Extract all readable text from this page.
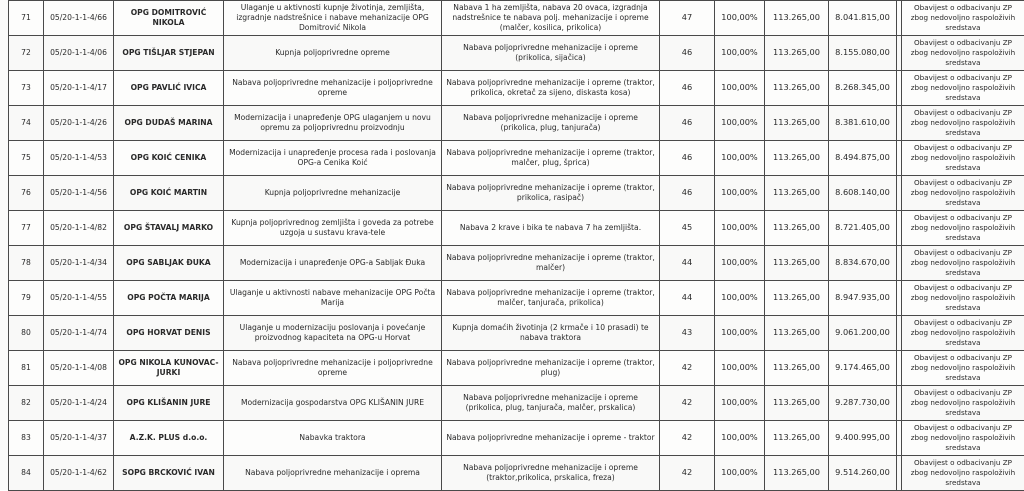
71	05/20-1-1-4/66	OPG DOMITROVIĆ NIKOLA	Ulaganje u aktivnosti kupnje životinja, zemljišta, izgradnje nadstrešnice i nabave mehanizacije OPG Domitrović Nikola	Nabava 1 ha zemljišta, nabava 20 ovaca, izgradnja nadstrešnice te nabava polj. mehanizacije i opreme (malčer, kosilica, prikolica)	47	100,00%	113.265,00	8.041.815,00		Obavijest o odbacivanju ZP zbog nedovoljno raspoloživih sredstava
72	05/20-1-1-4/06	OPG TIŠLJAR STJEPAN	Kupnja poljoprivredne opreme	Nabava poljoprivredne mehanizacije i opreme (prikolica, sijačica)	46	100,00%	113.265,00	8.155.080,00		Obavijest o odbacivanju ZP zbog nedovoljno raspoloživih sredstava
73	05/20-1-1-4/17	OPG PAVLIĆ IVICA	Nabava poljoprivredne mehanizacije i poljoprivredne opreme	Nabava poljoprivredne mehanizacije i opreme (traktor, prikolica, okretač za sijeno, diskasta kosa)	46	100,00%	113.265,00	8.268.345,00		Obavijest o odbacivanju ZP zbog nedovoljno raspoloživih sredstava
74	05/20-1-1-4/26	OPG DUDAŠ MARINA	Modernizacija i unapređenje OPG ulaganjem u novu opremu za poljoprivrednu proizvodnju	Nabava poljoprivredne mehanizacije i opreme (prikolica, plug, tanjurača)	46	100,00%	113.265,00	8.381.610,00		Obavijest o odbacivanju ZP zbog nedovoljno raspoloživih sredstava
75	05/20-1-1-4/53	OPG KOIĆ CENIKA	Modernizacija i unapređenje procesa rada i poslovanja OPG-a Cenika Koić	Nabava poljoprivredne mehanizacije i opreme (traktor, malčer, plug, šprica)	46	100,00%	113.265,00	8.494.875,00		Obavijest o odbacivanju ZP zbog nedovoljno raspoloživih sredstava
76	05/20-1-1-4/56	OPG KOIĆ MARTIN	Kupnja poljoprivredne mehanizacije	Nabava poljoprivredne mehanizacije i opreme (traktor, prikolica, rasipač)	46	100,00%	113.265,00	8.608.140,00		Obavijest o odbacivanju ZP zbog nedovoljno raspoloživih sredstava
77	05/20-1-1-4/82	OPG ŠTAVALJ MARKO	Kupnja poljoprivrednog zemljišta i goveda za potrebe uzgoja u sustavu krava-tele	Nabava 2 krave i bika te nabava 7 ha zemljišta.	45	100,00%	113.265,00	8.721.405,00		Obavijest o odbacivanju ZP zbog nedovoljno raspoloživih sredstava
78	05/20-1-1-4/34	OPG SABLJAK ĐUKA	Modernizacija i unapređenje OPG-a Sabljak Đuka	Nabava poljoprivredne mehanizacije i opreme (traktor, malčer)	44	100,00%	113.265,00	8.834.670,00		Obavijest o odbacivanju ZP zbog nedovoljno raspoloživih sredstava
79	05/20-1-1-4/55	OPG POČTA MARIJA	Ulaganje u aktivnosti nabave mehanizacije OPG Počta Marija	Nabava poljoprivredne mehanizacije i opreme (traktor, malčer, tanjurača, prikolica)	44	100,00%	113.265,00	8.947.935,00		Obavijest o odbacivanju ZP zbog nedovoljno raspoloživih sredstava
80	05/20-1-1-4/74	OPG HORVAT DENIS	Ulaganje u modernizaciju poslovanja i povećanje proizvodnog kapaciteta na OPG-u Horvat	Kupnja domaćih životinja (2 krmače i 10 prasadi) te nabava traktora	43	100,00%	113.265,00	9.061.200,00		Obavijest o odbacivanju ZP zbog nedovoljno raspoloživih sredstava
81	05/20-1-1-4/08	OPG NIKOLA KUNOVAC-JURKI	Nabava poljoprivredne mehanizacije i poljoprivredne opreme	Nabava poljoprivredne mehanizacije i opreme (traktor, plug)	42	100,00%	113.265,00	9.174.465,00		Obavijest o odbacivanju ZP zbog nedovoljno raspoloživih sredstava
82	05/20-1-1-4/24	OPG KLIŠANIN JURE	Modernizacija gospodarstva OPG KLIŠANIN JURE	Nabava poljoprivredne mehanizacije i opreme (prikolica, plug, tanjurača, malčer, prskalica)	42	100,00%	113.265,00	9.287.730,00		Obavijest o odbacivanju ZP zbog nedovoljno raspoloživih sredstava
83	05/20-1-1-4/37	A.Z.K. PLUS d.o.o.	Nabavka traktora	Nabava poljoprivredne mehanizacije i opreme - traktor	42	100,00%	113.265,00	9.400.995,00		Obavijest o odbacivanju ZP zbog nedovoljno raspoloživih sredstava
84	05/20-1-1-4/62	SOPG BRCKOVIĆ IVAN	Nabava poljoprivredne mehanizacije i oprema	Nabava poljoprivredne mehanizacije i opreme (traktor,prikolica, prskalica, freza)	42	100,00%	113.265,00	9.514.260,00		Obavijest o odbacivanju ZP zbog nedovoljno raspoloživih sredstava
